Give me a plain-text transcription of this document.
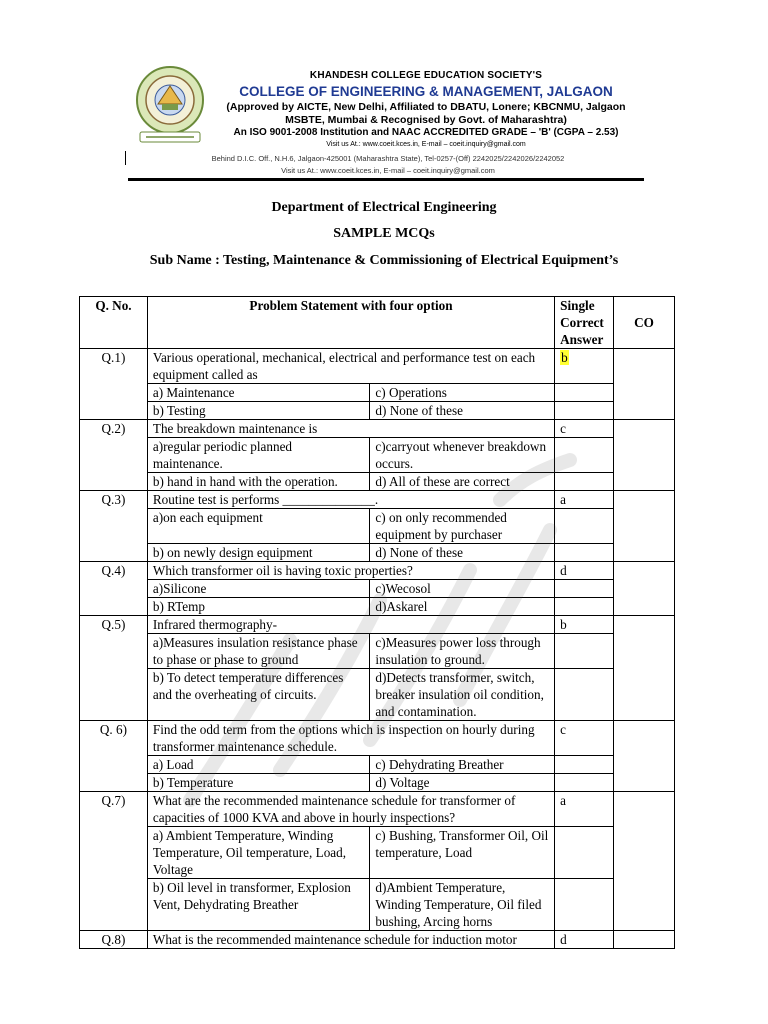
KHANDESH COLLEGE EDUCATION SOCIETY'S
COLLEGE OF ENGINEERING & MANAGEMENT, JALGAON
(Approved by AICTE, New Delhi, Affiliated to DBATU, Lonere; KBCNMU, Jalgaon
MSBTE, Mumbai & Recognised by Govt. of Maharashtra)
An ISO 9001-2008 Institution and NAAC ACCREDITED GRADE – 'B' (CGPA – 2.53)
Visit us At.: www.coeit.kces.in, E-mail – coeit.inquiry@gmail.com
Behind D.I.C. Off., N.H.6, Jalgaon-425001 (Maharashtra State), Tel-0257-(Off) 2242025/2242026/2242052
Visit us At.: www.coeit.kces.in, E-mail – coeit.inquiry@gmail.com
Department of Electrical Engineering
SAMPLE MCQs
Sub Name : Testing, Maintenance & Commissioning of Electrical Equipment’s
Q. No.	Problem Statement with four option		Single
Correct
Answer	CO
Q.1)	Various operational, mechanical, electrical and performance test on each equipment called as		b	
	a) Maintenance	c) Operations		
	b) Testing	d) None of these		
Q.2)	The breakdown maintenance is		c	
	a)regular periodic planned maintenance.	c)carryout whenever breakdown occurs.		
	b) hand in hand with the operation.	d) All of these are correct		
Q.3)	Routine test is performs ______________.		a	
	a)on each equipment	c) on only recommended equipment by purchaser		
	b) on newly design equipment	d) None of these		
Q.4)	Which transformer oil is having toxic properties?		d	
	a)Silicone	c)Wecosol		
	b) RTemp	d)Askarel		
Q.5)	Infrared thermography-		b	
	a)Measures insulation resistance phase to phase or phase to ground	c)Measures power loss through insulation to ground.		
	b) To detect temperature differences and the overheating of circuits.	d)Detects transformer, switch, breaker insulation oil condition, and contamination.		
Q. 6)	Find the odd term from the options which is inspection on hourly during transformer maintenance schedule.		c	
	a) Load	c) Dehydrating Breather		
	b) Temperature	d) Voltage		
Q.7)	What are the recommended maintenance schedule for transformer of capacities of 1000 KVA and above in hourly inspections?		a	
	a) Ambient Temperature, Winding Temperature, Oil temperature, Load, Voltage	c) Bushing, Transformer Oil, Oil temperature, Load		
	b) Oil level in transformer, Explosion Vent, Dehydrating Breather	d)Ambient Temperature, Winding Temperature, Oil filed bushing, Arcing horns		
Q.8)	What is the recommended maintenance schedule for induction motor		d	
